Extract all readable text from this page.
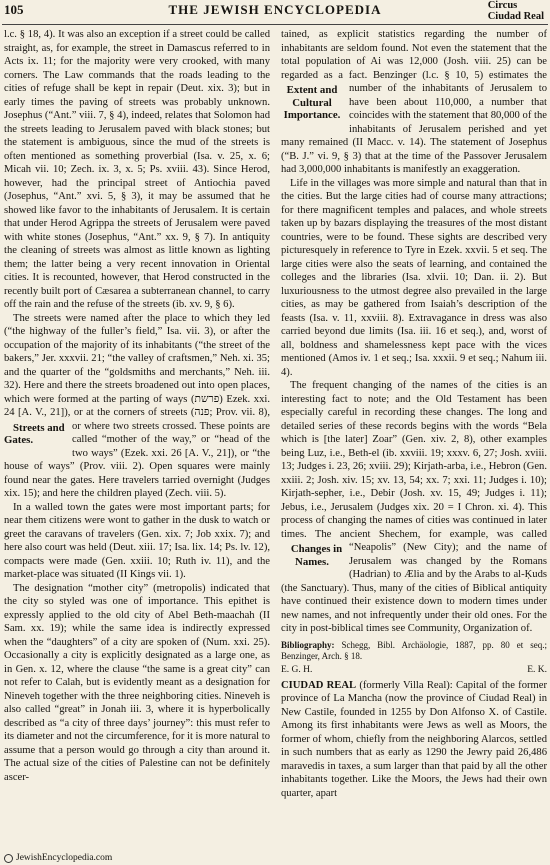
105	THE JEWISH ENCYCLOPEDIA	Circus
Ciudad Real

l.c. § 18, 4). It was also an exception if a street could be called straight, as, for example, the street in Damascus referred to in Acts ix. 11; for the majority were very crooked, with many corners. The Law commands that the roads leading to the cities of refuge shall be kept in repair (Deut. xix. 3); but in early times the paving of streets was probably unknown. Josephus (“Ant.” viii. 7, § 4), indeed, relates that Solomon had the streets leading to Jerusalem paved with black stones; but the statement is ambiguous, since the mud of the streets is often mentioned as something proverbial (Isa. v. 25, x. 6; Micah vii. 10; Zech. ix. 3, x. 5; Ps. xviii. 43). Since Herod, however, had the principal street of Antiochia paved (Josephus, “Ant.” xvi. 5, § 3), it may be assumed that he showed like favor to the inhabitants of Jerusalem. It is certain that under Herod Agrippa the streets of Jerusalem were paved with white stones (Josephus, “Ant.” xx. 9, § 7). In antiquity the cleaning of streets was almost as little known as lighting them; the latter being a very recent innovation in Oriental cities. It is recounted, however, that Herod constructed in the recently built port of Cæsarea a subterranean channel, to carry off the rain and the refuse of the streets (ib. xv. 9, § 6).

The streets were named after the place to which they led (“the highway of the fuller’s field,” Isa. vii. 3), or after the occupation of the majority of its inhabitants (“the street of the bakers,” Jer. xxxvii. 21; “the valley of craftsmen,” Neh. xi. 35; and the quarter of the “goldsmiths and merchants,” Neh. iii. 32). Here and there the streets broadened out into open places, which were formed at the parting of ways (פרשת) Ezek. xxi. 24 [A. V., 21]), or at the corners of streets (פנה; Prov. vii. 8), or where two
Streets and Gates.
streets crossed. These points are called “mother of the way,” or “head of the two ways” (Ezek. xxi. 26 [A. V., 21]), or “the house of ways” (Prov. viii. 2). Open squares were mainly found near the gates. Here travelers tarried overnight (Judges xix. 15); and here the children played (Zech. viii. 5).

In a walled town the gates were most important parts; for near them citizens were wont to gather in the dusk to watch or greet the caravans of travelers (Gen. xix. 7; Job xxix. 7); and here also court was held (Deut. xiii. 17; Isa. lix. 14; Ps. lv. 12), compacts were made (Gen. xxiii. 10; Ruth iv. 11), and the market-place was situated (II Kings vii. 1).

The designation “mother city” (metropolis) indicated that the city so styled was one of importance. This epithet is expressly applied to the old city of Abel Beth-maachah (II Sam. xx. 19); while the same idea is indirectly expressed when the “daughters” of a city are spoken of (Num. xxi. 25). Occasionally a city is explicitly designated as a large one, as in Gen. x. 12, where the clause “the same is a great city” can not refer to Calah, but is evidently meant as a designation for Nineveh together with the three neighboring cities. Nineveh is also called “great” in Jonah iii. 3, where it is hyperbolically described as “a city of three days’ journey”: this must refer to its diameter and not the circumference, for it is more natural to assume that a person would go through a city than around it. The actual size of the cities of Palestine can not be definitely ascer-

tained, as explicit statistics regarding the number of inhabitants are seldom found. Not even the statement that the total population of Ai was 12,000 (Josh. viii. 25) can be regarded as a fact. Benzinger (l.c. § 10, 5) estimates the number of the inhabitants
Extent and Cultural Importance.
of Jerusalem to have been about 110,000, a number that coincides with the statement that 80,000 of the inhabitants of Jerusalem perished and yet many remained (II Macc. v. 14). The statement of Josephus (“B. J.” vi. 9, § 3) that at the time of the Passover Jerusalem had 3,000,000 inhabitants is manifestly an exaggeration.

Life in the villages was more simple and natural than that in the cities. But the large cities had of course many attractions; for there magnificent temples and palaces, and whole streets taken up by bazars displaying the treasures of the most distant countries, were to be found. These sights are described very picturesquely in reference to Tyre in Ezek. xxvii. 5 et seq. The large cities were also the seats of learning, and contained the colleges and the libraries (Isa. xlvii. 10; Dan. ii. 2). But luxuriousness to the utmost degree also prevailed in the large cities, as may be gathered from Isaiah’s description of the feasts (Isa. v. 11, xxviii. 8). Extravagance in dress was also carried beyond due limits (Isa. iii. 16 et seq.), and, worst of all, boldness and shamelessness kept pace with the vices mentioned (Amos iv. 1 et seq.; Isa. xxxii. 9 et seq.; Nahum iii. 4).

The frequent changing of the names of the cities is an interesting fact to note; and the Old Testament has been especially careful in recording these changes. The long and detailed series of these records begins with the words “Bela which is [the later] Zoar” (Gen. xiv. 2, 8), other examples being Luz, i.e., Beth-el (ib. xxviii. 19; xxxv. 6, 27; Josh. xviii. 13; Judges i. 23, 26; xviii. 29); Kirjath-arba, i.e., Hebron (Gen. xxiii. 2; Josh. xiv. 15; xv. 13, 54; xx. 7; xxi. 11; Judges i. 10); Kirjath-sepher, i.e., Debir (Josh. xv. 15, 49; Judges i. 11); Jebus, i.e., Jerusalem (Judges xix. 20 = I Chron. xi. 4). This process of changing the names of cities was continued in later times. The ancient Shechem, for example, was called “Neapolis” (New
Changes in Names.
City); and the name of Jerusalem was changed by the Romans (Hadrian) to Ælia and by the Arabs to al-Ḳuds (the Sanctuary). Thus, many of the cities of Biblical antiquity have continued their existence down to modern times under new names, and not infrequently under their old ones. For the city in post-biblical times see Community, Organization of.

Bibliography: Schegg, Bibl. Archäologie, 1887, pp. 80 et seq.; Benzinger, Arch. § 18.
E. G. H.	E. K.

CIUDAD REAL (formerly Villa Real): Capital of the former province of La Mancha (now the province of Ciudad Real) in New Castile, founded in 1255 by Don Alfonso X. of Castile. Among its first inhabitants were Jews as well as Moors, the former of whom, chiefly from the neighboring Alarcos, settled in such numbers that as early as 1290 the Jewry paid 26,486 maravedis in taxes, a sum larger than that paid by all the other inhabitants together. Like the Moors, the Jews had their own quarter, apart

JewishEncyclopedia.com
